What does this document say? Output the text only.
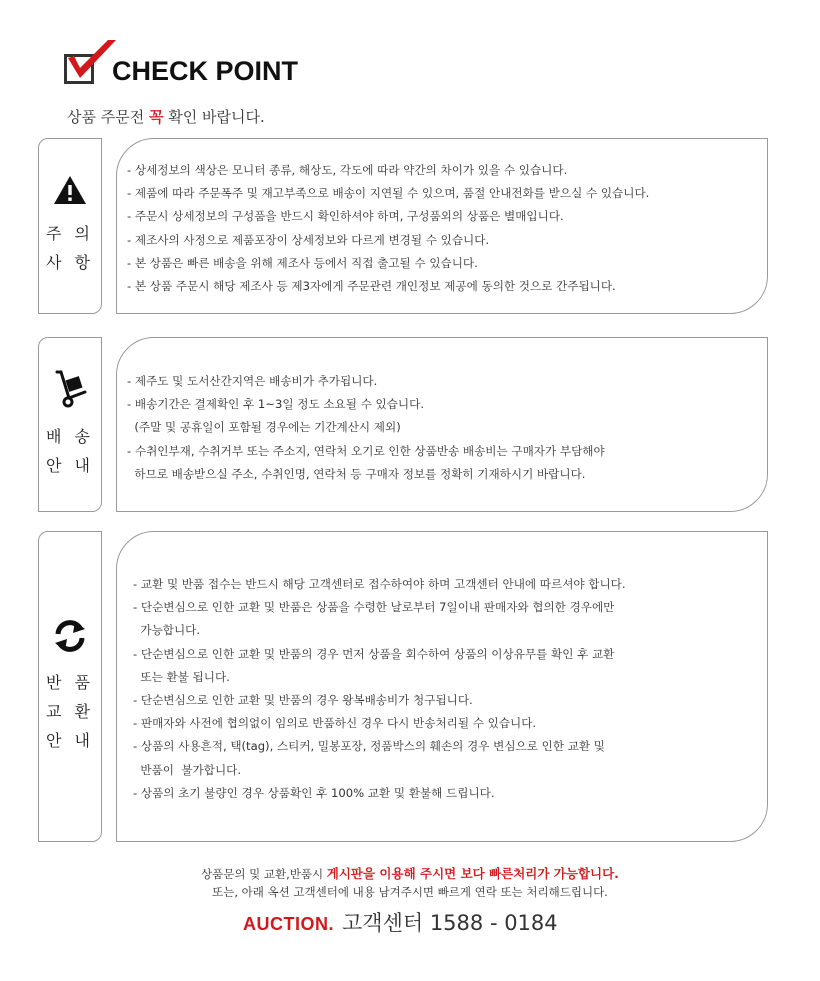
CHECK POINT
상품 주문전 꼭 확인 바랍니다.
주 의
사 항
- 상세정보의 색상은 모니터 종류, 해상도, 각도에 따라 약간의 차이가 있을 수 있습니다.
- 제품에 따라 주문폭주 및 재고부족으로 배송이 지연될 수 있으며, 품절 안내전화를 받으실 수 있습니다.
- 주문시 상세정보의 구성품을 반드시 확인하셔야 하며, 구성품외의 상품은 별매입니다.
- 제조사의 사정으로 제품포장이 상세정보와 다르게 변경될 수 있습니다.
- 본 상품은 빠른 배송을 위해 제조사 등에서 직접 출고될 수 있습니다.
- 본 상품 주문시 해당 제조사 등 제3자에게 주문관련 개인정보 제공에 동의한 것으로 간주됩니다.
배 송
안 내
- 제주도 및 도서산간지역은 배송비가 추가됩니다.
- 배송기간은 결제확인 후 1~3일 정도 소요될 수 있습니다.
(주말 및 공휴일이 포함될 경우에는 기간계산시 제외)
- 수취인부재, 수취거부 또는 주소지, 연락처 오기로 인한 상품반송 배송비는 구매자가 부담해야
하므로 배송받으실 주소, 수취인명, 연락처 등 구매자 정보를 정확히 기재하시기 바랍니다.
반 품
교 환
안 내
- 교환 및 반품 접수는 반드시 해당 고객센터로 접수하여야 하며 고객센터 안내에 따르셔야 합니다.
- 단순변심으로 인한 교환 및 반품은 상품을 수령한 날로부터 7일이내 판매자와 협의한 경우에만
가능합니다.
- 단순변심으로 인한 교환 및 반품의 경우 먼저 상품을 회수하여 상품의 이상유무를 확인 후 교환
또는 환불 됩니다.
- 단순변심으로 인한 교환 및 반품의 경우 왕복배송비가 청구됩니다.
- 판매자와 사전에 협의없이 임의로 반품하신 경우 다시 반송처리될 수 있습니다.
- 상품의 사용흔적, 택(tag), 스티커, 밀봉포장, 정품박스의 훼손의 경우 변심으로 인한 교환 및
반품이  불가합니다.
- 상품의 초기 불량인 경우 상품확인 후 100% 교환 및 환불해 드립니다.
상품문의 및 교환,반품시 게시판을 이용해 주시면 보다 빠른처리가 가능합니다.
또는, 아래 옥션 고객센터에 내용 남겨주시면 빠르게 연락 또는 처리해드립니다.
AUCTION. 고객센터 1588 - 0184
